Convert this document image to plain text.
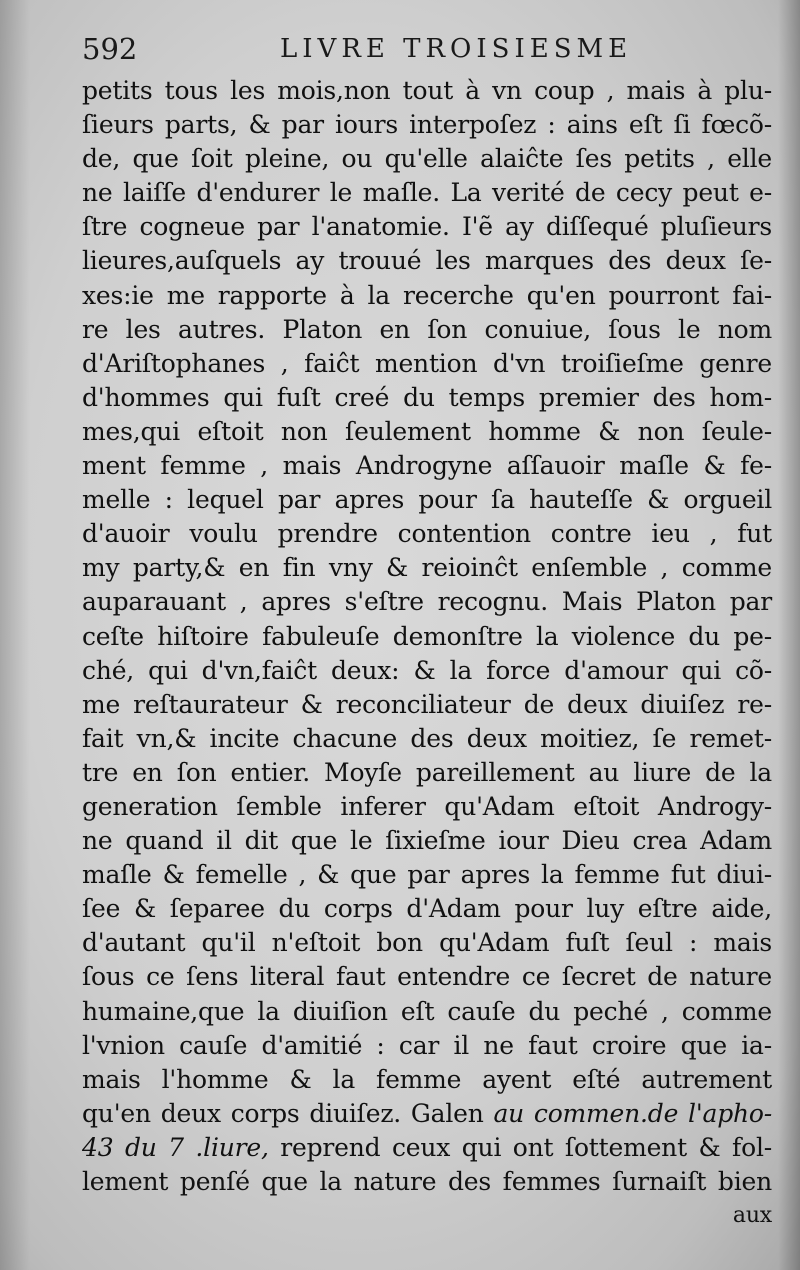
592	LIVRE TROISIESME
petits tous les mois,non tout à vn coup , mais à plu-
ſieurs parts, & par iours interpoſez : ains eſt ſi fœcõ-
de, que ſoit pleine, ou qu'elle alaiĉte ſes petits , elle
ne laiſſe d'endurer le maſle. La verité de cecy peut e-
ſtre cogneue par l'anatomie. I'ẽ ay diſſequé pluſieurs
lieures,auſquels ay trouué les marques des deux ſe-
xes:ie me rapporte à la recerche qu'en pourront fai-
re les autres. Platon en ſon conuiue, ſous le nom
d'Ariſtophanes , faiĉt mention d'vn troiſieſme genre
d'hommes qui fuſt creé du temps premier des hom-
mes,qui eſtoit non ſeulement homme & non ſeule-
ment femme , mais Androgyne aſſauoir maſle & fe-
melle : lequel par apres pour ſa hauteſſe & orgueil
d'auoir voulu prendre contention contre ieu , fut
my party,& en fin vny & reioinĉt enſemble , comme
auparauant , apres s'eſtre recognu. Mais Platon par
ceſte hiſtoire fabuleuſe demonſtre la violence du pe-
ché, qui d'vn,faiĉt deux: & la force d'amour qui cõ-
me reſtaurateur & reconciliateur de deux diuiſez re-
fait vn,& incite chacune des deux moitiez, ſe remet-
tre en ſon entier. Moyſe pareillement au liure de la
generation ſemble inferer qu'Adam eſtoit Androgy-
ne quand il dit que le ſixieſme iour Dieu crea Adam
maſle & femelle , & que par apres la femme fut diui-
ſee & ſeparee du corps d'Adam pour luy eſtre aide,
d'autant qu'il n'eſtoit bon qu'Adam fuſt ſeul : mais
ſous ce ſens literal faut entendre ce ſecret de nature
humaine,que la diuiſion eſt cauſe du peché , comme
l'vnion cauſe d'amitié : car il ne faut croire que ia-
mais l'homme & la femme ayent eſté autrement
qu'en deux corps diuiſez. Galen au commen.de l'apho-
43 du 7 .liure, reprend ceux qui ont ſottement & fol-
lement penſé que la nature des femmes ſurnaiſt bien
aux
